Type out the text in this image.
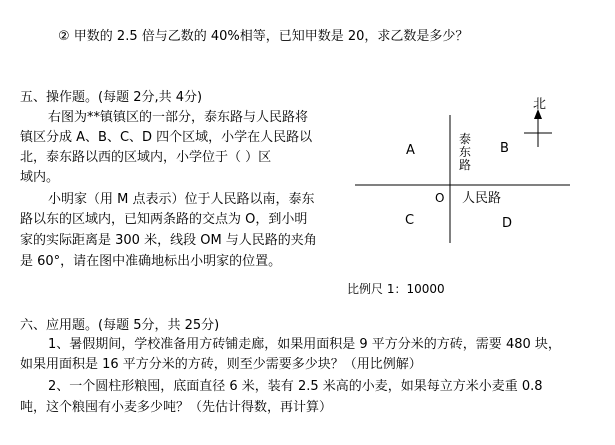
② 甲数的 2.5 倍与乙数的 40%相等，已知甲数是 20，求乙数是多少？
五、操作题。(每题 2分,共 4分)
右图为**镇镇区的一部分，泰东路与人民路将
镇区分成 A、B、C、D 四个区域，小学在人民路以
北，泰东路以西的区域内，小学位于（ ）区
域内。
小明家（用 M 点表示）位于人民路以南，泰东
路以东的区域内，已知两条路的交点为 O，到小明
家的实际距离是 300 米，线段 OM 与人民路的夹角
是 60°，请在图中准确地标出小明家的位置。
北
A	B
C	D
O
泰
东
路
人民路
比例尺 1：10000
六、应用题。(每题 5分，共 25分)
1、暑假期间，学校准备用方砖铺走廊，如果用面积是 9 平方分米的方砖，需要 480 块，
如果用面积是 16 平方分米的方砖，则至少需要多少块？（用比例解）
2、一个圆柱形粮囤，底面直径 6 米，装有 2.5 米高的小麦，如果每立方米小麦重 0.8
吨，这个粮囤有小麦多少吨？（先估计得数，再计算）
